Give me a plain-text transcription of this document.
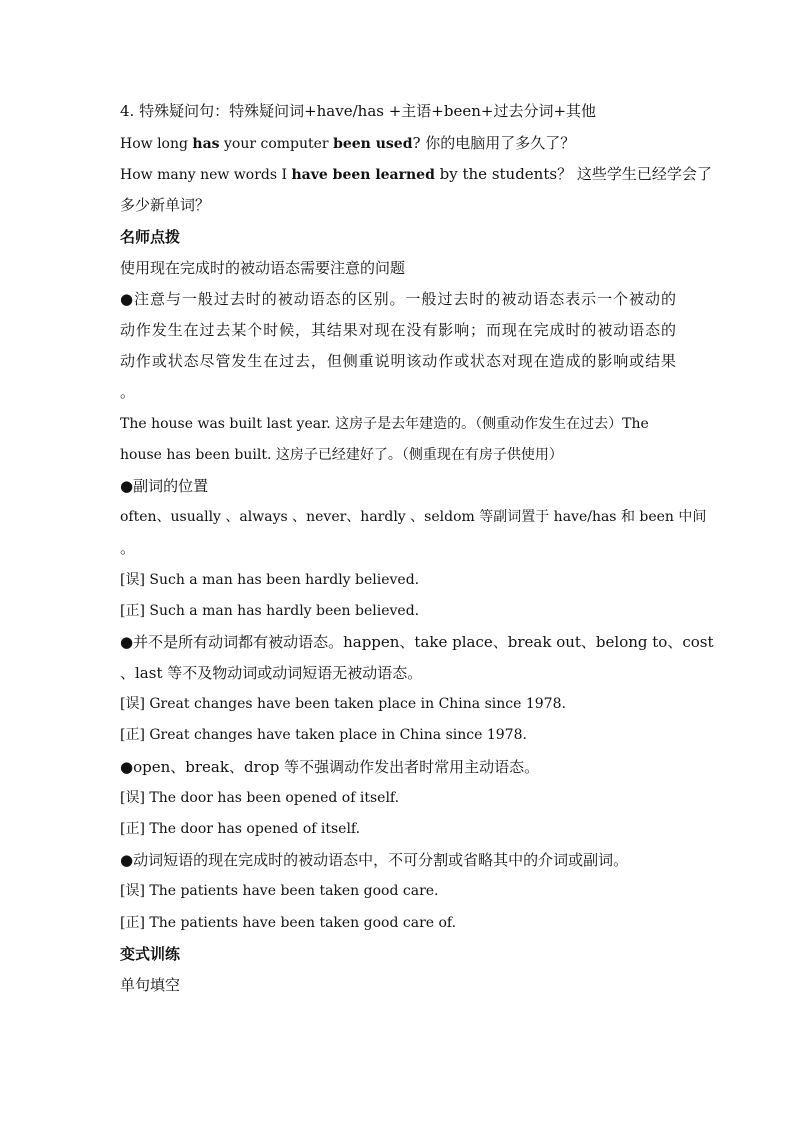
4. 特殊疑问句：特殊疑问词+have/has +主语+been+过去分词+其他
How long has your computer been used? 你的电脑用了多久了？
How many new words I have been learned by the students？ 这些学生已经学会了
多少新单词？
名师点拨
使用现在完成时的被动语态需要注意的问题
●注意与一般过去时的被动语态的区别。一般过去时的被动语态表示一个被动的
动作发生在过去某个时候，其结果对现在没有影响；而现在完成时的被动语态的
动作或状态尽管发生在过去，但侧重说明该动作或状态对现在造成的影响或结果
。
The house was built last year. 这房子是去年建造的。（侧重动作发生在过去）The
house has been built. 这房子已经建好了。（侧重现在有房子供使用）
●副词的位置
often、usually 、always 、never、hardly 、seldom 等副词置于 have/has 和 been 中间
。
[误] Such a man has been hardly believed.
[正] Such a man has hardly been believed.
●并不是所有动词都有被动语态。happen、take place、break out、belong to、cost
、last 等不及物动词或动词短语无被动语态。
[误] Great changes have been taken place in China since 1978.
[正] Great changes have taken place in China since 1978.
●open、break、drop 等不强调动作发出者时常用主动语态。
[误] The door has been opened of itself.
[正] The door has opened of itself.
●动词短语的现在完成时的被动语态中，不可分割或省略其中的介词或副词。
[误] The patients have been taken good care.
[正] The patients have been taken good care of.
变式训练
单句填空
